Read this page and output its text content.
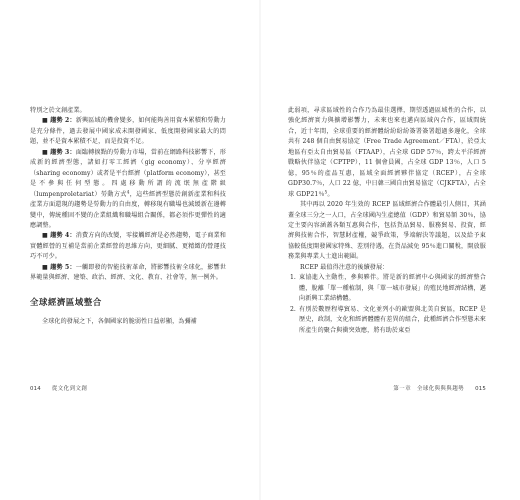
特別之於文創產業。

■ 趨勢 2：新興區域的機會變多，如何能夠善用資本累積和勞動力是充分條件，過去發展中國家成未開發國家、低度開發國家最大的問題，並不是資本累積不足，而是投資不足。

■ 趨勢 3：面臨轉捩點的勞動力市場，當前在網路科技影響下，形成新的經濟型態，諸如打零工經濟（gig economy）、分享經濟（sharing economy）或者是平台經濟（platform economy），甚至是不參與任何型態。四處移動所謂的流氓無產階級（lumpenproletariat）勞動方式$^4$，這些經濟型態於創新產業和科技產業方面還現的趨勢是勞動力的自由度，轉移現有職場也減緩新在邊轉變中，傳統種固不變的企業組織和職場組合關係，都必須作更彈性的適應調整。

■ 趨勢 4：消費方向的改變，零接觸經濟是必然趨勢，電子商業和實體經營的互補是當前企業經營的思維方向，更細膩、更精緻的營運技巧不可少。

■ 趨勢 5：一觸即發的智能技術革命，將影響技術全球化，影響世界範量與經濟、建築、政治、經濟、文化、教育、社會等，無一例外。

全球經濟區域整合

全球化的發展之下，各個國家的脆弱性日益彰顯，為彌補

此弱項，尋求區域性的合作乃為最佳選擇，期望透過區域性的合作，以強化經濟實力與擴增影響力，未來也來也邁向區域內合作，區域間統合，近十年間，全球重要的經濟體紛紛紛紛簽署簽署超過多邊化，全球共有 248 個自由貿易協定（Free Trade Agreement／FTA），於亞太地區有亞太自由貿易區（FTAAP），占全球 GDP 57％，跨太平洋經濟戰略伙伴協定（CPTPP），11 個會員國，占全球 GDP 13％，人口 5 億，95％的產品互惠，區域全面經濟夥伴協定（RCEP），占全球 GDP30.7％，人口 22 億，中日韓三國自由貿易協定（CJKFTA），占全球 GDP21％$^5$。

其中再以 2020 年生效的 RCEP 區域經濟合作體最引人側目，其涵蓋全球三分之一人口，占全球國內生產總值（GDP）和貿易額 30％，協定主要內容涵蓋各類互惠與合作，包括貨品貿易、服務貿易、投資，經濟與技術合作，智慧財產權，競爭政策，爭端解決等議題，以及給予東協較低度開發國家特殊、差別待遇，在貨品減免 95％進口關稅，開放服務業與專業人士進出範圍。

RCEP 最值得注意的後續發展：

1. 東協進入主動性，參與夥伴。將是新的經濟中心與國家的經濟整合體，脫離「單一種植制，與「單一城市發展」的殖民地經濟結構，邁向新興工業結構體。
2. 有別於數歷程導貿易、文化並列小的歐盟與北美自貿區，RCEP 是歷史，政制，文化和經濟體體有差異的組合，此種經濟合作型態未來所產生的聚合與衝突效應，將有助於東亞
014 從文化到文創	第一章　全球化與與與趨勢 015
